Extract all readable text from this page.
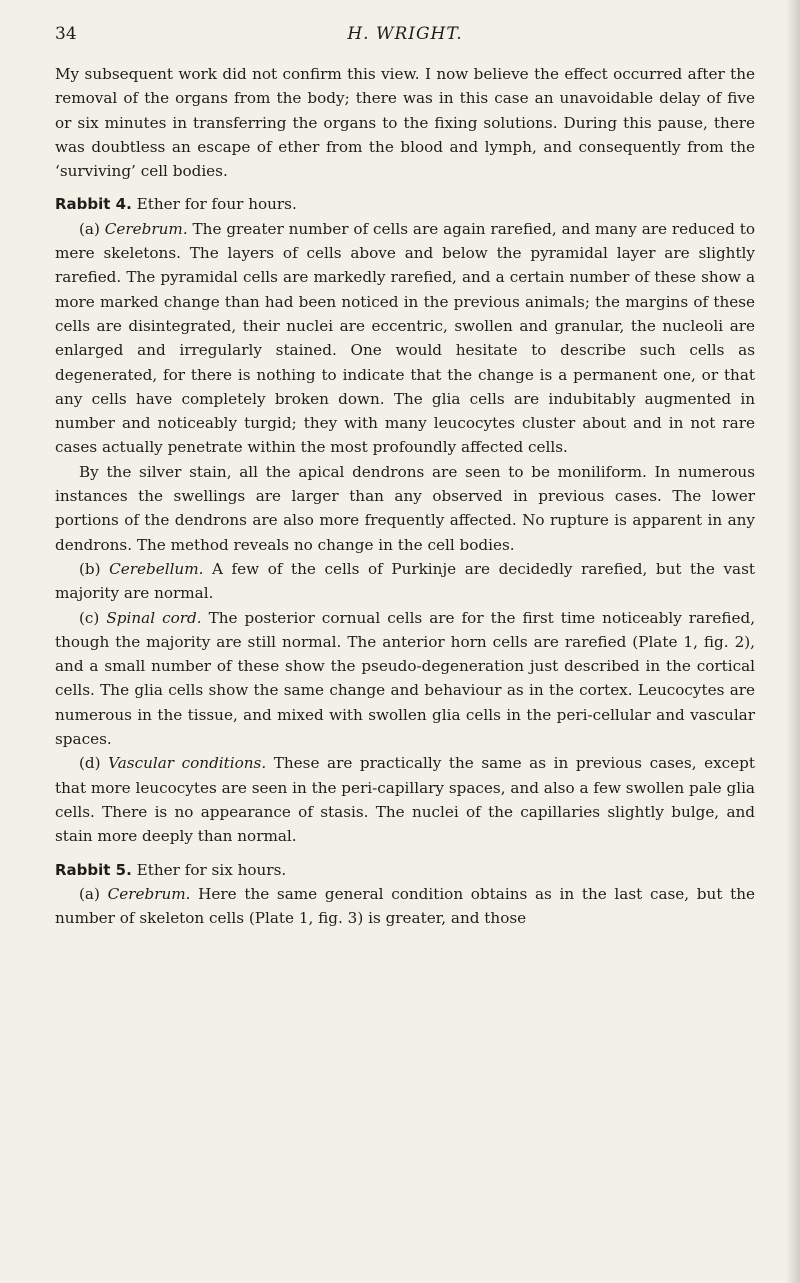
34	H. WRIGHT.

My subsequent work did not confirm this view. I now believe the effect occurred after the removal of the organs from the body; there was in this case an unavoidable delay of five or six minutes in transferring the organs to the fixing solutions. During this pause, there was doubtless an escape of ether from the blood and lymph, and consequently from the ‘surviving’ cell bodies.

Rabbit 4. Ether for four hours.

(a) Cerebrum. The greater number of cells are again rarefied, and many are reduced to mere skeletons. The layers of cells above and below the pyramidal layer are slightly rarefied. The pyramidal cells are markedly rarefied, and a certain number of these show a more marked change than had been noticed in the previous animals; the margins of these cells are disintegrated, their nuclei are eccentric, swollen and granular, the nucleoli are enlarged and irregularly stained. One would hesitate to describe such cells as degenerated, for there is nothing to indicate that the change is a permanent one, or that any cells have completely broken down. The glia cells are indubitably augmented in number and noticeably turgid; they with many leucocytes cluster about and in not rare cases actually penetrate within the most profoundly affected cells.

By the silver stain, all the apical dendrons are seen to be moniliform. In numerous instances the swellings are larger than any observed in previous cases. The lower portions of the dendrons are also more frequently affected. No rupture is apparent in any dendrons. The method reveals no change in the cell bodies.

(b) Cerebellum. A few of the cells of Purkinje are decidedly rarefied, but the vast majority are normal.

(c) Spinal cord. The posterior cornual cells are for the first time noticeably rarefied, though the majority are still normal. The anterior horn cells are rarefied (Plate 1, fig. 2), and a small number of these show the pseudo-degeneration just described in the cortical cells. The glia cells show the same change and behaviour as in the cortex. Leucocytes are numerous in the tissue, and mixed with swollen glia cells in the peri-cellular and vascular spaces.

(d) Vascular conditions. These are practically the same as in previous cases, except that more leucocytes are seen in the peri-capillary spaces, and also a few swollen pale glia cells. There is no appearance of stasis. The nuclei of the capillaries slightly bulge, and stain more deeply than normal.

Rabbit 5. Ether for six hours.

(a) Cerebrum. Here the same general condition obtains as in the last case, but the number of skeleton cells (Plate 1, fig. 3) is greater, and those
